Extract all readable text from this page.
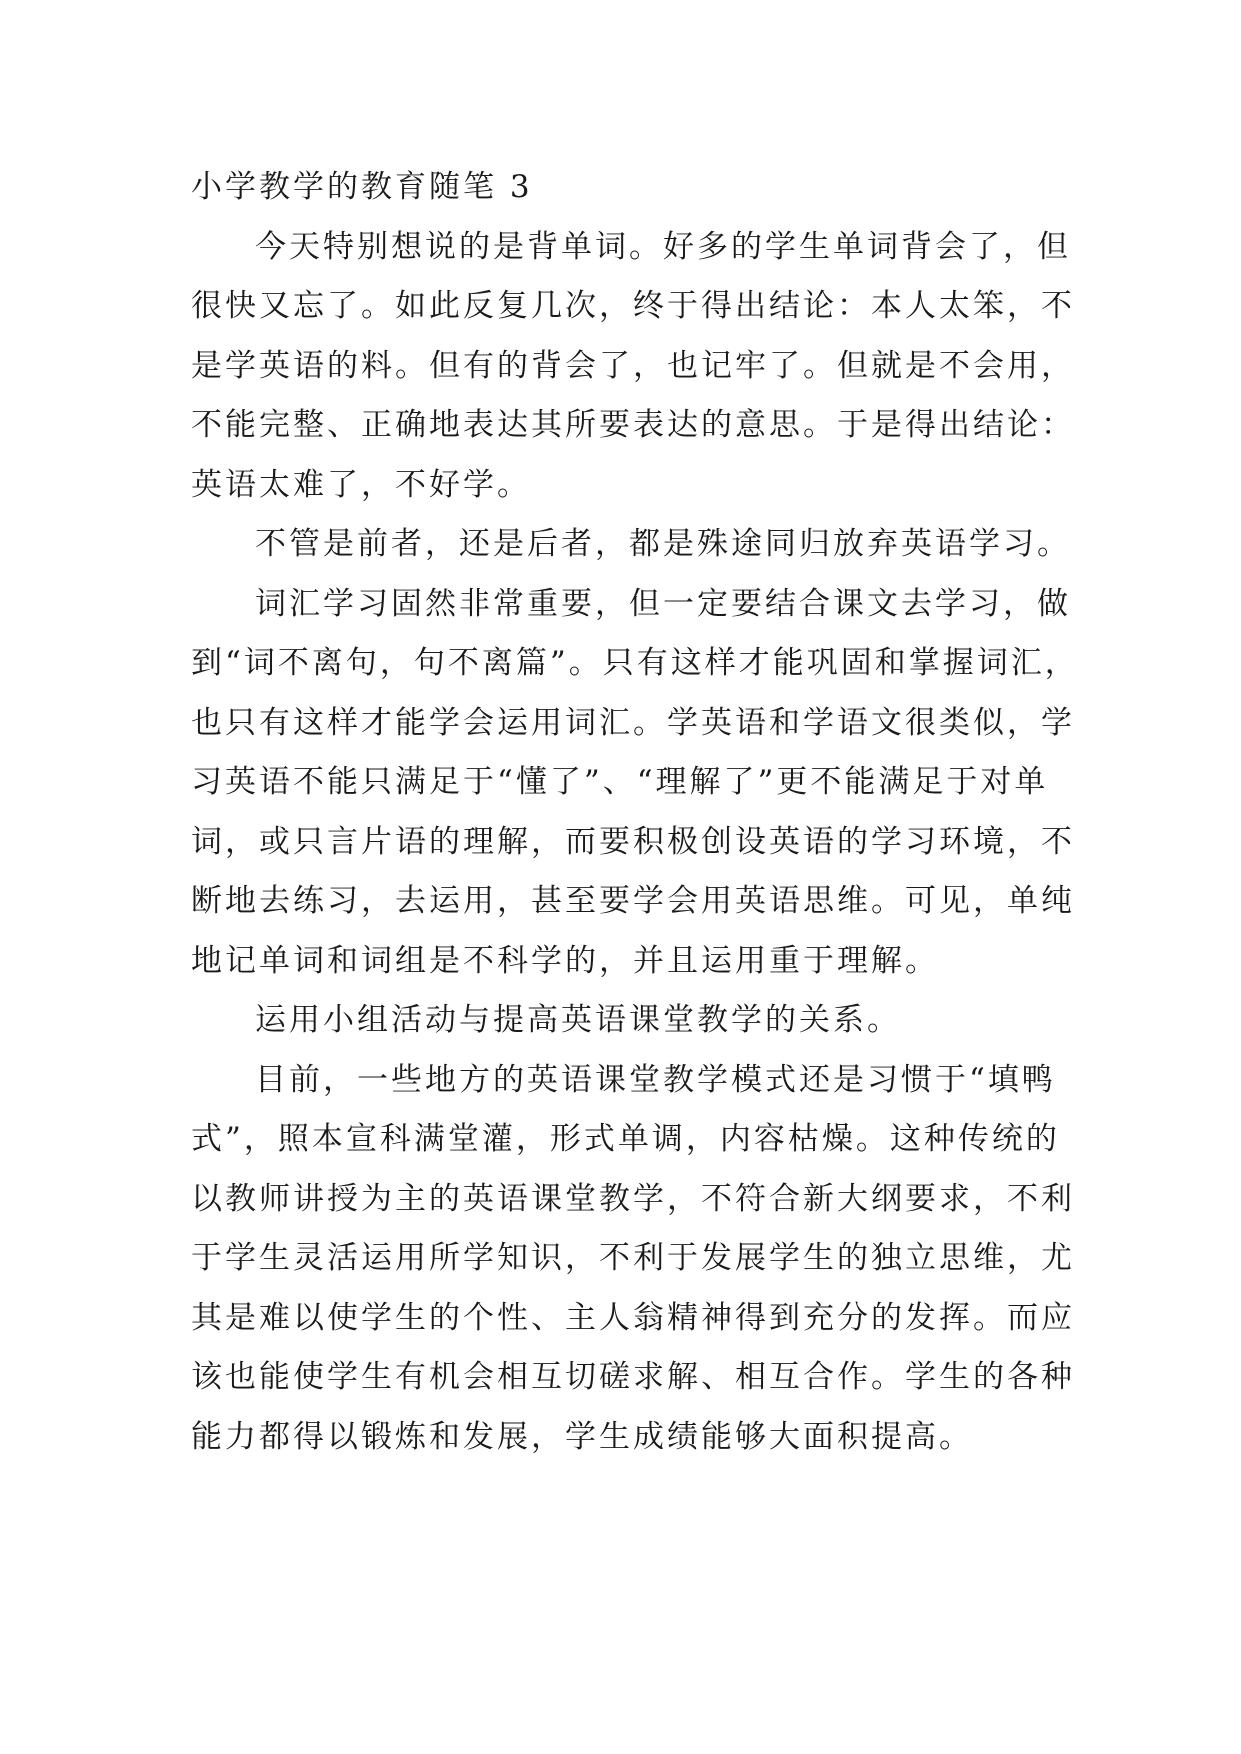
小学教学的教育随笔 3
今天特别想说的是背单词。好多的学生单词背会了，但
很快又忘了。如此反复几次，终于得出结论：本人太笨，不
是学英语的料。但有的背会了，也记牢了。但就是不会用，
不能完整、正确地表达其所要表达的意思。于是得出结论：
英语太难了，不好学。
不管是前者，还是后者，都是殊途同归放弃英语学习。
词汇学习固然非常重要，但一定要结合课文去学习，做
到“词不离句，句不离篇”。只有这样才能巩固和掌握词汇，
也只有这样才能学会运用词汇。学英语和学语文很类似，学
习英语不能只满足于“懂了”、“理解了”更不能满足于对单
词，或只言片语的理解，而要积极创设英语的学习环境，不
断地去练习，去运用，甚至要学会用英语思维。可见，单纯
地记单词和词组是不科学的，并且运用重于理解。
运用小组活动与提高英语课堂教学的关系。
目前，一些地方的英语课堂教学模式还是习惯于“填鸭
式”，照本宣科满堂灌，形式单调，内容枯燥。这种传统的
以教师讲授为主的英语课堂教学，不符合新大纲要求，不利
于学生灵活运用所学知识，不利于发展学生的独立思维，尤
其是难以使学生的个性、主人翁精神得到充分的发挥。而应
该也能使学生有机会相互切磋求解、相互合作。学生的各种
能力都得以锻炼和发展，学生成绩能够大面积提高。
